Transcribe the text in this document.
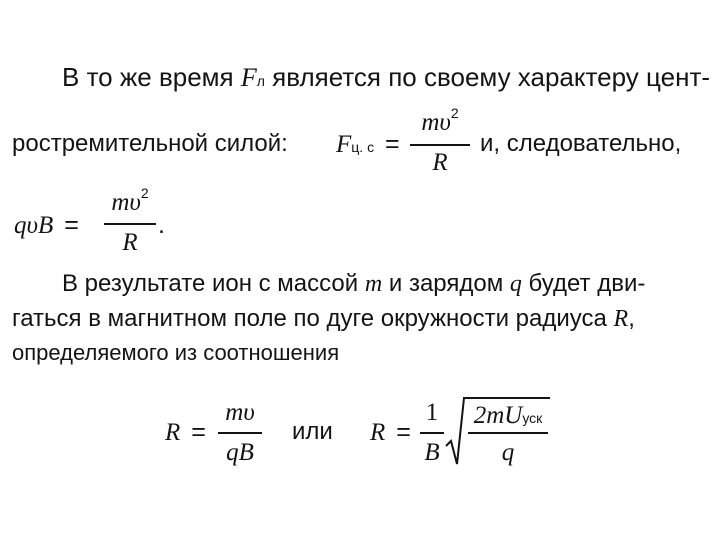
В то же время Fл является по своему характеру цент-
ростремительной силой: Fц. с =
$m\upsilon^2$
R
и, следовательно,
qυB =
$m\upsilon^2$
R
.
В результате ион с массой m и зарядом q будет дви-
гаться в магнитном поле по дуге окружности радиуса R,
определяемого из соотношения
R =
mυ
qB
или R =
1
B
2mUуск
q
